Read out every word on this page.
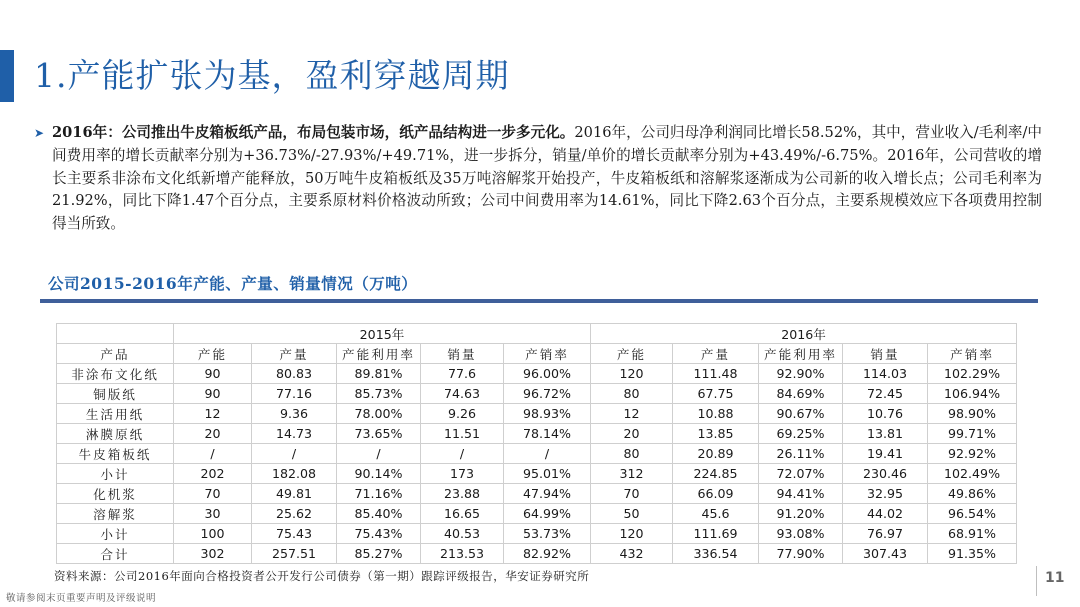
1.产能扩张为基，盈利穿越周期
➤ 2016年：公司推出牛皮箱板纸产品，布局包装市场，纸产品结构进一步多元化。2016年，公司归母净利润同比增长58.52%，其中，营业收入/毛利率/中间费用率的增长贡献率分别为+36.73%/-27.93%/+49.71%，进一步拆分，销量/单价的增长贡献率分别为+43.49%/-6.75%。2016年，公司营收的增长主要系非涂布文化纸新增产能释放，50万吨牛皮箱板纸及35万吨溶解浆开始投产，牛皮箱板纸和溶解浆逐渐成为公司新的收入增长点；公司毛利率为21.92%，同比下降1.47个百分点，主要系原材料价格波动所致；公司中间费用率为14.61%，同比下降2.63个百分点，主要系规模效应下各项费用控制得当所致。
公司2015-2016年产能、产量、销量情况（万吨）
	2015年					2016年				
产品	产能	产量	产能利用率	销量	产销率	产能	产量	产能利用率	销量	产销率
非涂布文化纸	90	80.83	89.81%	77.6	96.00%	120	111.48	92.90%	114.03	102.29%
铜版纸	90	77.16	85.73%	74.63	96.72%	80	67.75	84.69%	72.45	106.94%
生活用纸	12	9.36	78.00%	9.26	98.93%	12	10.88	90.67%	10.76	98.90%
淋膜原纸	20	14.73	73.65%	11.51	78.14%	20	13.85	69.25%	13.81	99.71%
牛皮箱板纸	/	/	/	/	/	80	20.89	26.11%	19.41	92.92%
小计	202	182.08	90.14%	173	95.01%	312	224.85	72.07%	230.46	102.49%
化机浆	70	49.81	71.16%	23.88	47.94%	70	66.09	94.41%	32.95	49.86%
溶解浆	30	25.62	85.40%	16.65	64.99%	50	45.6	91.20%	44.02	96.54%
小计	100	75.43	75.43%	40.53	53.73%	120	111.69	93.08%	76.97	68.91%
合计	302	257.51	85.27%	213.53	82.92%	432	336.54	77.90%	307.43	91.35%
资料来源：公司2016年面向合格投资者公开发行公司债券（第一期）跟踪评级报告，华安证券研究所	11
敬请参阅末页重要声明及评级说明
